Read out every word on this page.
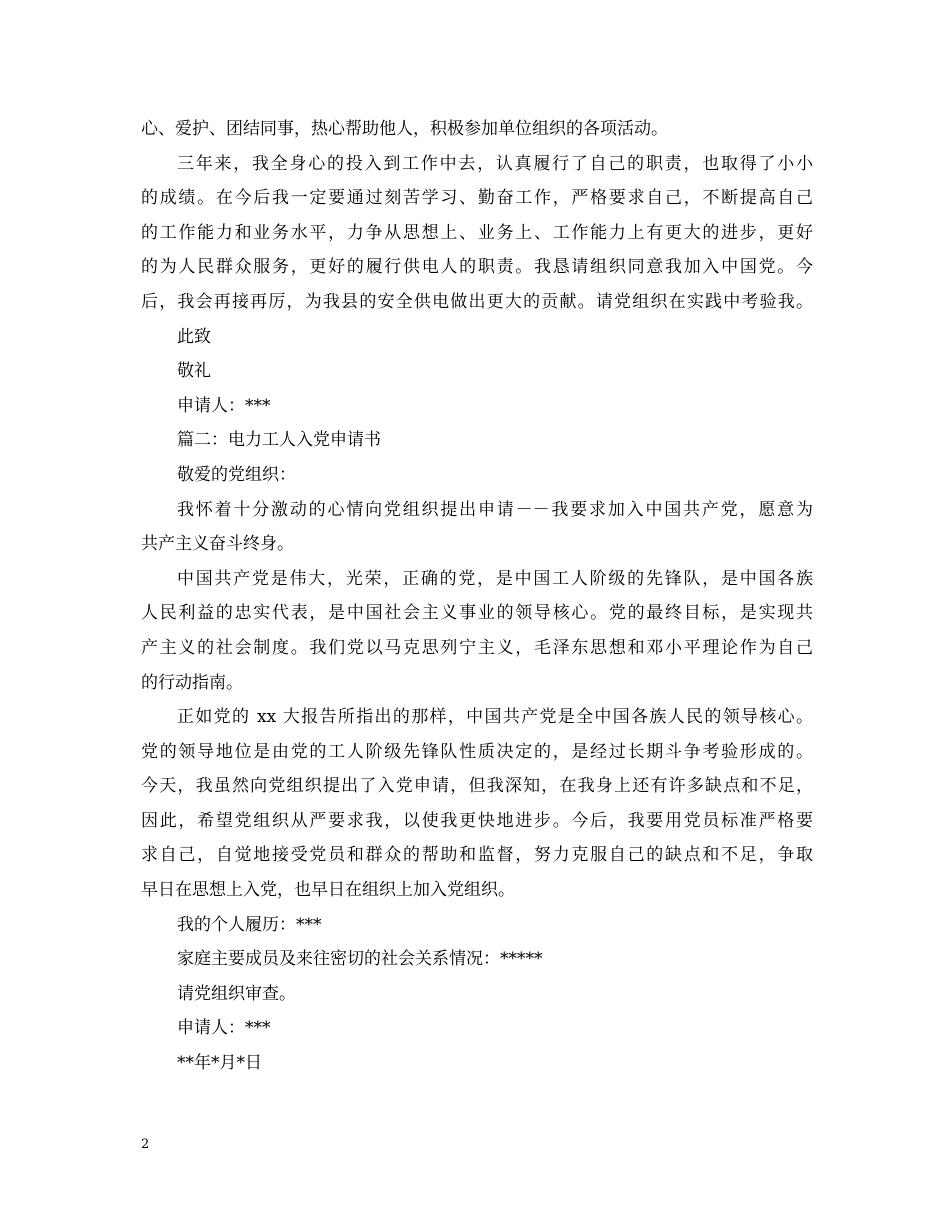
心、爱护、团结同事，热心帮助他人，积极参加单位组织的各项活动。
三年来，我全身心的投入到工作中去，认真履行了自己的职责，也取得了小小
的成绩。在今后我一定要通过刻苦学习、勤奋工作，严格要求自己，不断提高自己
的工作能力和业务水平，力争从思想上、业务上、工作能力上有更大的进步，更好
的为人民群众服务，更好的履行供电人的职责。我恳请组织同意我加入中国党。今
后，我会再接再厉，为我县的安全供电做出更大的贡献。请党组织在实践中考验我。
此致
敬礼
申请人：***
篇二：电力工人入党申请书
敬爱的党组织：
我怀着十分激动的心情向党组织提出申请－－我要求加入中国共产党，愿意为
共产主义奋斗终身。
中国共产党是伟大，光荣，正确的党，是中国工人阶级的先锋队，是中国各族
人民利益的忠实代表，是中国社会主义事业的领导核心。党的最终目标，是实现共
产主义的社会制度。我们党以马克思列宁主义，毛泽东思想和邓小平理论作为自己
的行动指南。
正如党的 xx 大报告所指出的那样，中国共产党是全中国各族人民的领导核心。
党的领导地位是由党的工人阶级先锋队性质决定的，是经过长期斗争考验形成的。
今天，我虽然向党组织提出了入党申请，但我深知，在我身上还有许多缺点和不足，
因此，希望党组织从严要求我，以使我更快地进步。今后，我要用党员标准严格要
求自己，自觉地接受党员和群众的帮助和监督，努力克服自己的缺点和不足，争取
早日在思想上入党，也早日在组织上加入党组织。
我的个人履历：***
家庭主要成员及来往密切的社会关系情况：*****
请党组织审查。
申请人：***
**年*月*日
2
